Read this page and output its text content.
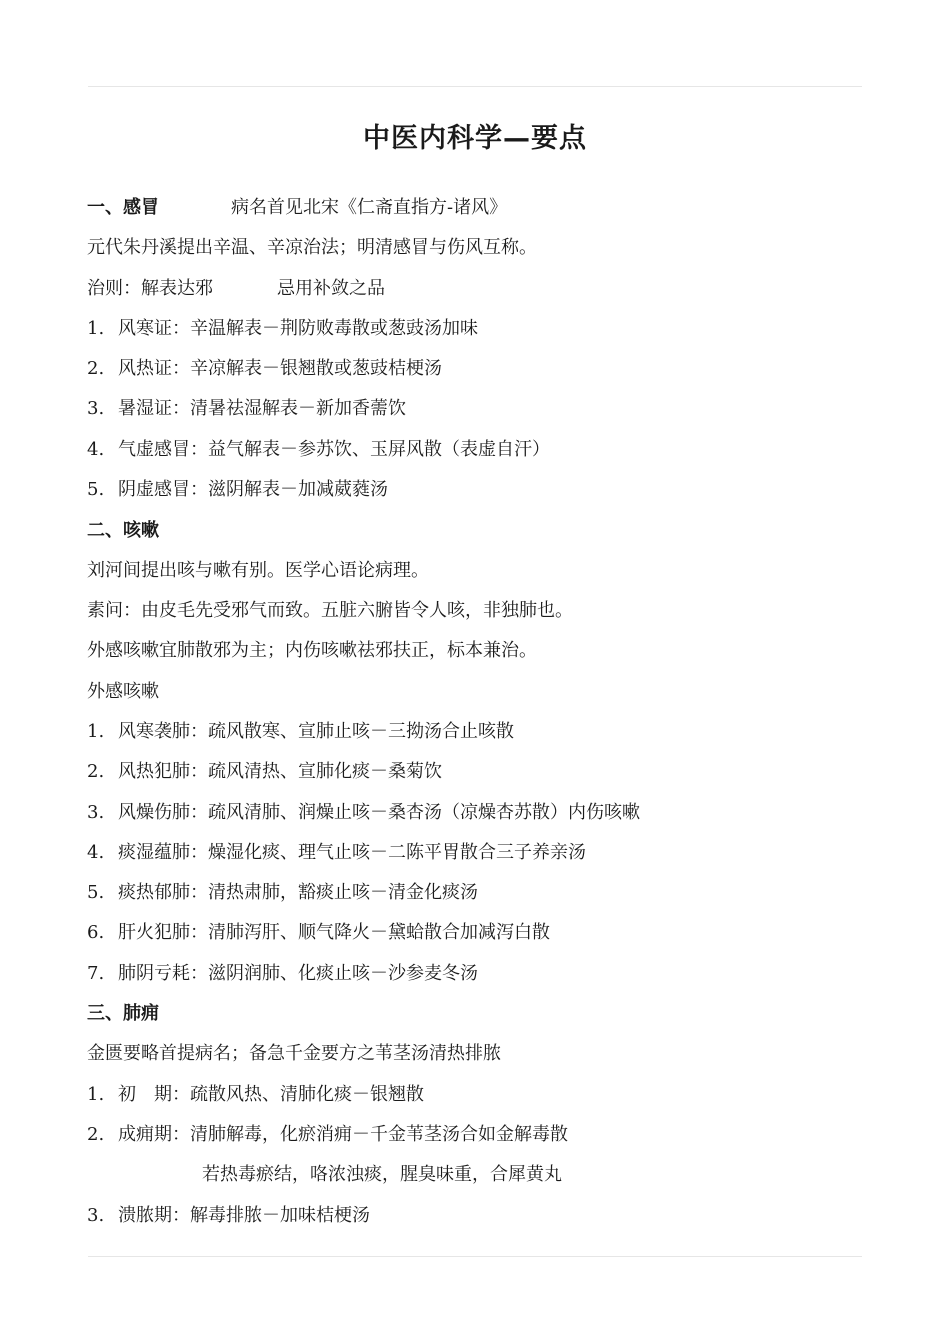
中医内科学—要点
一、感冒	病名首见北宋《仁斋直指方-诸风》
元代朱丹溪提出辛温、辛凉治法；明清感冒与伤风互称。
治则：解表达邪	忌用补敛之品
1. 风寒证：辛温解表－荆防败毒散或葱豉汤加味
2. 风热证：辛凉解表－银翘散或葱豉桔梗汤
3. 暑湿证：清暑祛湿解表－新加香薷饮
4. 气虚感冒：益气解表－参苏饮、玉屏风散（表虚自汗）
5. 阴虚感冒：滋阴解表－加减葳蕤汤
二、咳嗽
刘河间提出咳与嗽有别。医学心语论病理。
素问：由皮毛先受邪气而致。五脏六腑皆令人咳，非独肺也。
外感咳嗽宜肺散邪为主；内伤咳嗽祛邪扶正，标本兼治。
外感咳嗽
1. 风寒袭肺：疏风散寒、宣肺止咳－三拗汤合止咳散
2. 风热犯肺：疏风清热、宣肺化痰－桑菊饮
3. 风燥伤肺：疏风清肺、润燥止咳－桑杏汤（凉燥杏苏散）内伤咳嗽
4. 痰湿蕴肺：燥湿化痰、理气止咳－二陈平胃散合三子养亲汤
5. 痰热郁肺：清热肃肺，豁痰止咳－清金化痰汤
6. 肝火犯肺：清肺泻肝、顺气降火－黛蛤散合加减泻白散
7. 肺阴亏耗：滋阴润肺、化痰止咳－沙参麦冬汤
三、肺痈
金匮要略首提病名；备急千金要方之苇茎汤清热排脓
1. 初　期：疏散风热、清肺化痰－银翘散
2. 成痈期：清肺解毒，化瘀消痈－千金苇茎汤合如金解毒散
若热毒瘀结，咯浓浊痰，腥臭味重，合犀黄丸
3. 溃脓期：解毒排脓－加味桔梗汤
